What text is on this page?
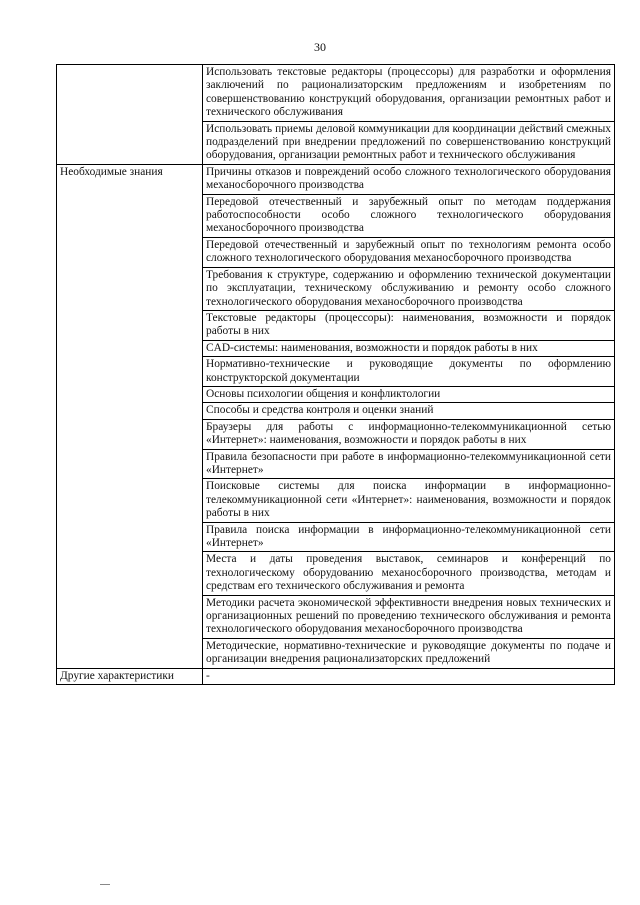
30
	Использовать текстовые редакторы (процессоры) для разработки и оформления заключений по рационализаторским предложениям и изобретениям по совершенствованию конструкций оборудования, организации ремонтных работ и технического обслуживания
	Использовать приемы деловой коммуникации для координации действий смежных подразделений при внедрении предложений по совершенствованию конструкций оборудования, организации ремонтных работ и технического обслуживания
Необходимые знания	Причины отказов и повреждений особо сложного технологического оборудования механосборочного производства
	Передовой отечественный и зарубежный опыт по методам поддержания работоспособности особо сложного технологического оборудования механосборочного производства
	Передовой отечественный и зарубежный опыт по технологиям ремонта особо сложного технологического оборудования механосборочного производства
	Требования к структуре, содержанию и оформлению технической документации по эксплуатации, техническому обслуживанию и ремонту особо сложного технологического оборудования механосборочного производства
	Текстовые редакторы (процессоры): наименования, возможности и порядок работы в них
	CAD-системы: наименования, возможности и порядок работы в них
	Нормативно-технические и руководящие документы по оформлению конструкторской документации
	Основы психологии общения и конфликтологии
	Способы и средства контроля и оценки знаний
	Браузеры для работы с информационно-телекоммуникационной сетью «Интернет»: наименования, возможности и порядок работы в них
	Правила безопасности при работе в информационно-телекоммуникационной сети «Интернет»
	Поисковые системы для поиска информации в информационно-телекоммуникационной сети «Интернет»: наименования, возможности и порядок работы в них
	Правила поиска информации в информационно-телекоммуникационной сети «Интернет»
	Места и даты проведения выставок, семинаров и конференций по технологическому оборудованию механосборочного производства, методам и средствам его технического обслуживания и ремонта
	Методики расчета экономической эффективности внедрения новых технических и организационных решений по проведению технического обслуживания и ремонта технологического оборудования механосборочного производства
	Методические, нормативно-технические и руководящие документы по подаче и организации внедрения рационализаторских предложений
Другие характеристики	-
